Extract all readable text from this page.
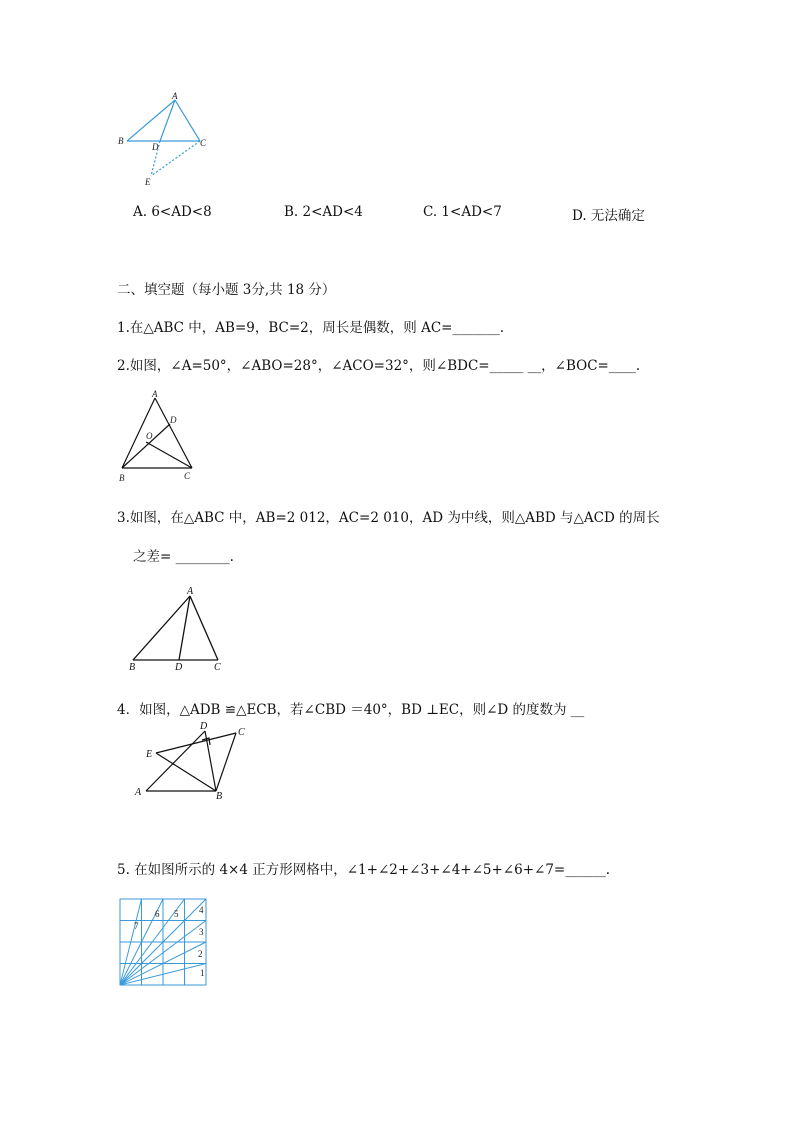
A
B	C
D
E
A. 6<AD<8	B. 2<AD<4	C. 1<AD<7	D. 无法确定
二、填空题（每小题 3分,共 18 分）
1.在△ABC 中，AB=9，BC=2，周长是偶数，则 AC=_______.
2.如图，∠A=50°，∠ABO=28°，∠ACO=32°，则∠BDC=_____ __，∠BOC=____.
A
B	C
D
O
3.如图，在△ABC 中，AB=2 012，AC=2 010，AD 为中线，则△ABD 与△ACD 的周长
之差= ________.
A
B	D	C
4．如图，△ADB ≌△ECB，若∠CBD ＝40°，BD ⊥EC，则∠D 的度数为 __
D
C
E
A	B
5. 在如图所示的 4×4 正方形网格中，∠1+∠2+∠3+∠4+∠5+∠6+∠7=______.
1
2
3
4
5
6
7
